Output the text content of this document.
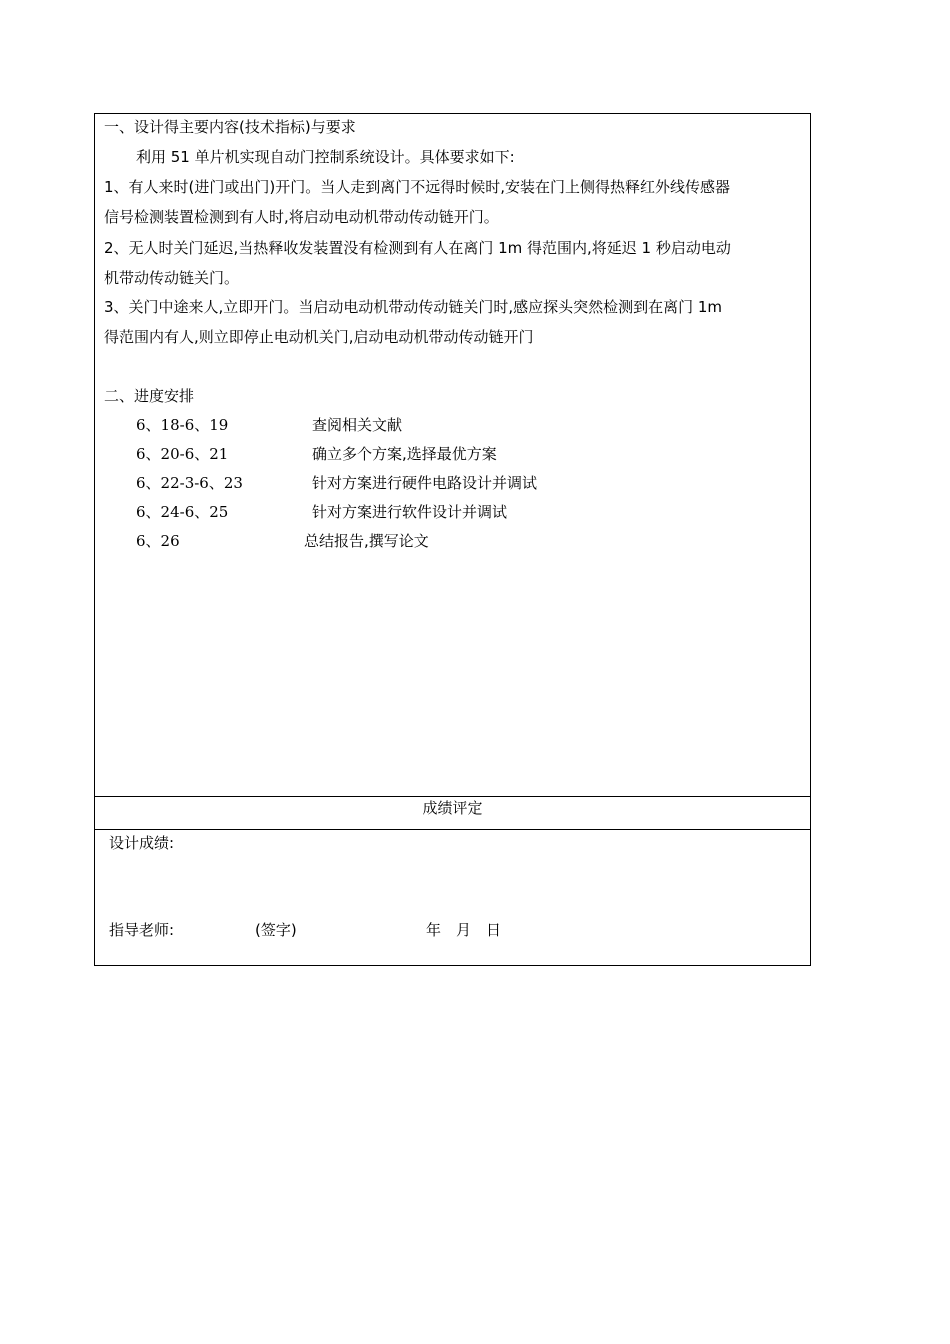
一、设计得主要内容(技术指标)与要求
利用 51 单片机实现自动门控制系统设计。具体要求如下:
1、有人来时(进门或出门)开门。当人走到离门不远得时候时,安装在门上侧得热释红外线传感器
信号检测装置检测到有人时,将启动电动机带动传动链开门。
2、无人时关门延迟,当热释收发装置没有检测到有人在离门 1m 得范围内,将延迟 1 秒启动电动
机带动传动链关门。
3、关门中途来人,立即开门。当启动电动机带动传动链关门时,感应探头突然检测到在离门 1m
得范围内有人,则立即停止电动机关门,启动电动机带动传动链开门
二、进度安排
6、18-6、19	查阅相关文献
6、20-6、21	确立多个方案,选择最优方案
6、22-3-6、23	针对方案进行硬件电路设计并调试
6、24-6、25	针对方案进行软件设计并调试
6、26	总结报告,撰写论文
成绩评定
设计成绩:
指导老师:	(签字)	年　月　日
